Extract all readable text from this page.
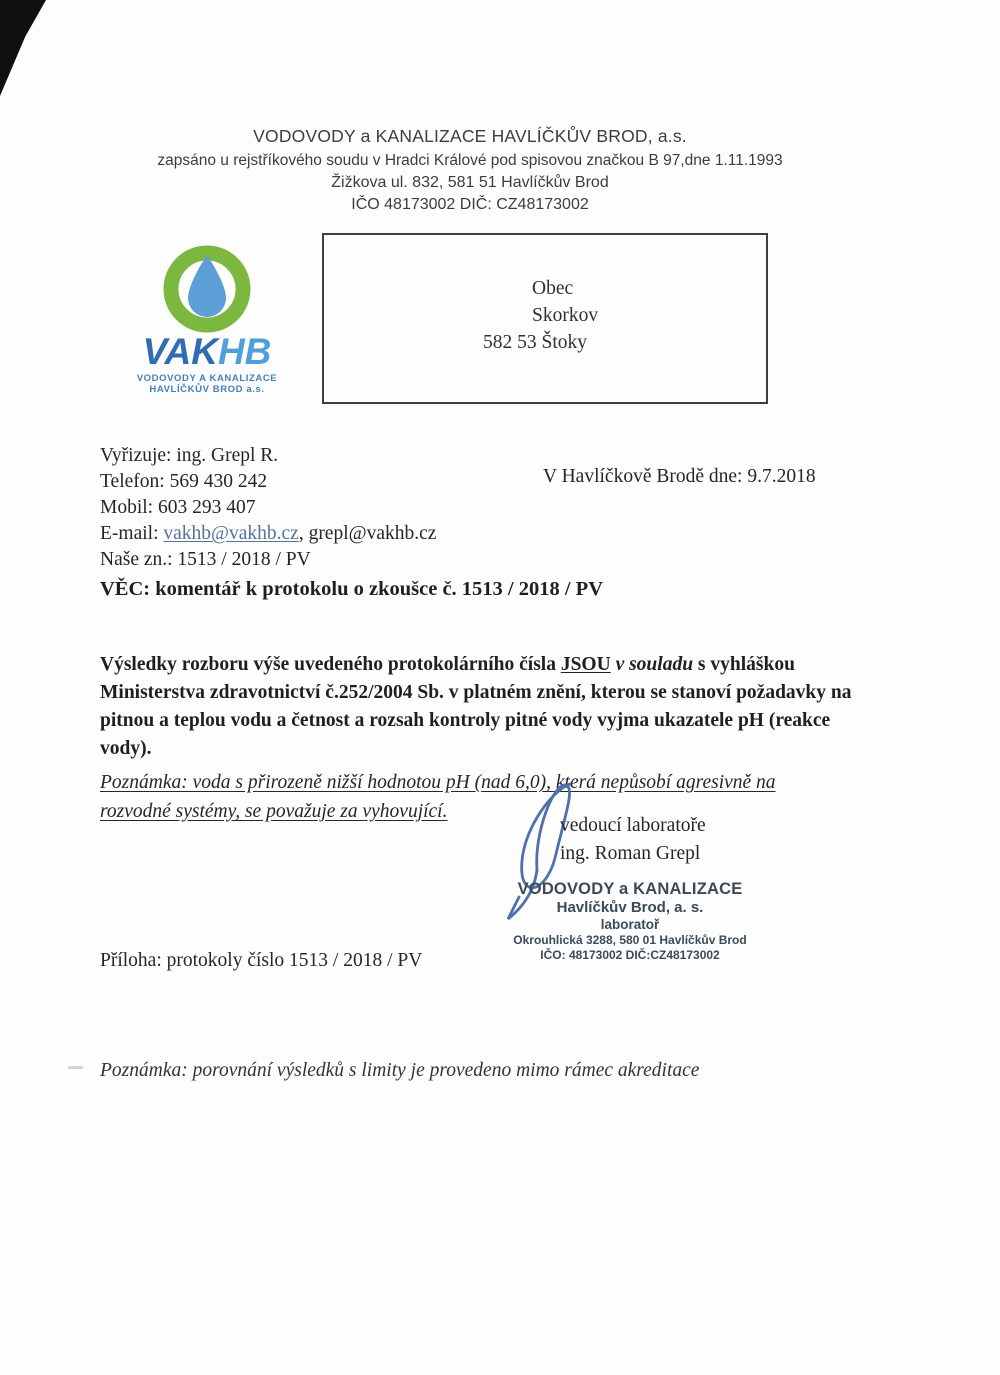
VODOVODY a KANALIZACE HAVLÍČKŮV BROD, a.s.
zapsáno u rejstříkového soudu v Hradci Králové pod spisovou značkou B 97,dne 1.11.1993
Žižkova ul. 832, 581 51 Havlíčkův Brod
IČO 48173002 DIČ: CZ48173002
VAKHB
VODOVODY A KANALIZACE
HAVLÍČKŮV BROD a.s.
Obec
Skorkov
582 53 Štoky
Vyřizuje: ing. Grepl R.
Telefon: 569 430 242
Mobil: 603 293 407
E-mail: vakhb@vakhb.cz, grepl@vakhb.cz
Naše zn.: 1513 / 2018 / PV
V Havlíčkově Brodě dne: 9.7.2018
VĚC: komentář k protokolu o zkoušce č. 1513 / 2018 / PV

Výsledky rozboru výše uvedeného protokolárního čísla JSOU v souladu s vyhláškou Ministerstva zdravotnictví č.252/2004 Sb. v platném znění, kterou se stanoví požadavky na pitnou a teplou vodu a četnost a rozsah kontroly pitné vody vyjma ukazatele pH (reakce vody).

Poznámka: voda s přirozeně nižší hodnotou pH (nad 6,0), která nepůsobí agresivně na rozvodné systémy, se považuje za vyhovující.

vedoucí laboratoře
ing. Roman Grepl
VODOVODY a KANALIZACE
Havlíčkův Brod, a. s.
laboratoř
Okrouhlická 3288, 580 01 Havlíčkův Brod
IČO: 48173002 DIČ:CZ48173002
Příloha: protokoly číslo 1513 / 2018 / PV
Poznámka: porovnání výsledků s limity je provedeno mimo rámec akreditace
